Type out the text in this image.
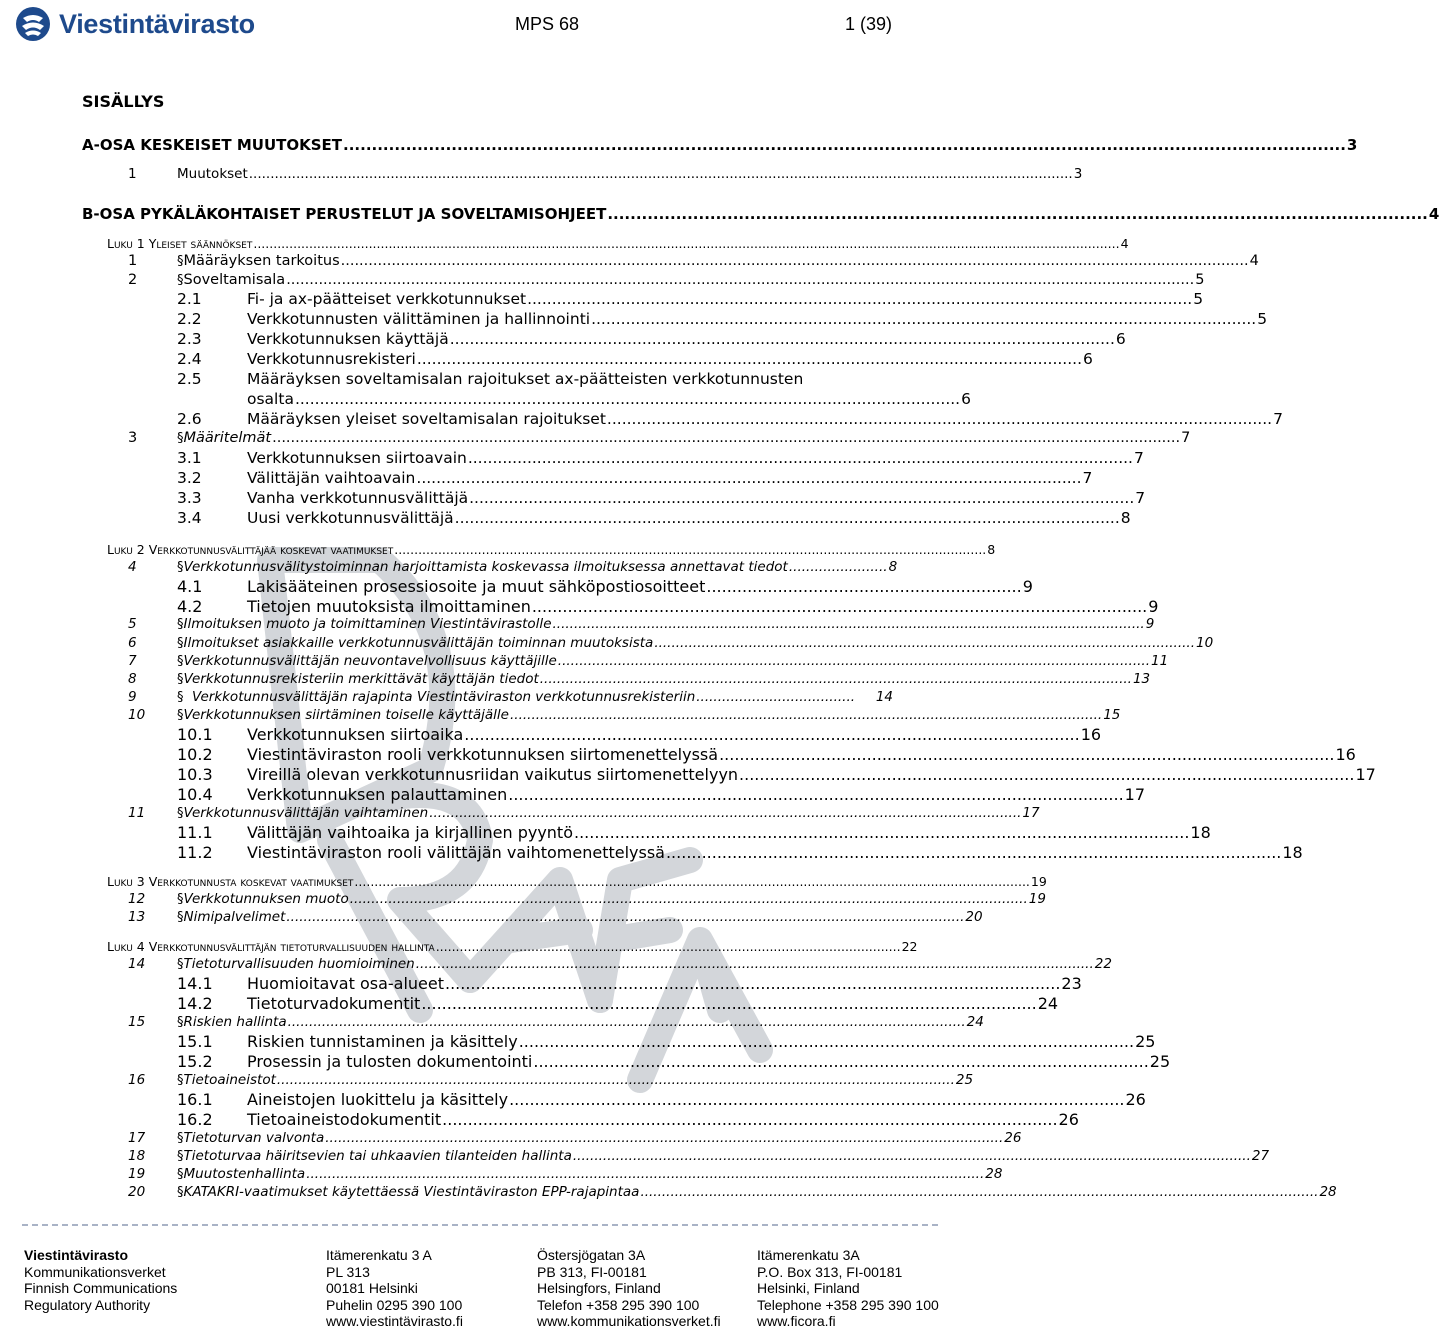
Viestintävirasto	MPS 68	1 (39)
SISÄLLYS
A-OSA KESKEISET MUUTOKSET ................................................................................................................................................................................ 3
1	Muutokset ................................................................................................................................................................................................ 3
B-OSA PYKÄLÄKOHTAISET PERUSTELUT JA SOVELTAMISOHJEET ................................................................................................................................................ 4
Luku 1 Yleiset säännökset .......................................................................................................................................................................................................................... 4
1	§ Määräyksen tarkoitus ..................................................................................................................................................................................................... 4
2	§ Soveltamisala ..................................................................................................................................................................................................... 5
2.1	Fi- ja ax-päätteiset verkkotunnukset ....................................................................................................................................... 5
2.2	Verkkotunnusten välittäminen ja hallinnointi ....................................................................................................................................... 5
2.3	Verkkotunnuksen käyttäjä ....................................................................................................................................... 6
2.4	Verkkotunnusrekisteri ....................................................................................................................................... 6
2.5	Määräyksen soveltamisalan rajoitukset ax-päätteisten verkkotunnusten
osalta ....................................................................................................................................... 6
2.6	Määräyksen yleiset soveltamisalan rajoitukset ....................................................................................................................................... 7
3	§ Määritelmät ..................................................................................................................................................................................................... 7
3.1	Verkkotunnuksen siirtoavain ....................................................................................................................................... 7
3.2	Välittäjän vaihtoavain ....................................................................................................................................... 7
3.3	Vanha verkkotunnusvälittäjä ....................................................................................................................................... 7
3.4	Uusi verkkotunnusvälittäjä ....................................................................................................................................... 8
Luku 2 Verkkotunnusvälittäjää koskevat vaatimukset ..................................................................................................................................................... 8
4	§ Verkkotunnusvälitystoiminnan harjoittamista koskevassa ilmoituksessa annettavat tiedot ....................... 8
4.1	Lakisääteinen prosessiosoite ja muut sähköpostiosoitteet .............................................................. 9
4.2	Tietojen muutoksista ilmoittaminen ......................................................................................................................... 9
5	§ Ilmoituksen muoto ja toimittaminen Viestintävirastolle .......................................................................................................................................... 9
6	§ Ilmoitukset asiakkaille verkkotunnusvälittäjän toiminnan muutoksista .............................................................................................................................. 10
7	§ Verkkotunnusvälittäjän neuvontavelvollisuus käyttäjille .......................................................................................................................................... 11
8	§ Verkkotunnusrekisteriin merkittävät käyttäjän tiedot .......................................................................................................................................... 13
9	§ Verkkotunnusvälittäjän rajapinta Viestintäviraston verkkotunnusrekisteriin .....................................	14
10 § Verkkotunnuksen siirtäminen toiselle käyttäjälle .......................................................................................................................................... 15
10.1 Verkkotunnuksen siirtoaika ......................................................................................................................... 16
10.2 Viestintäviraston rooli verkkotunnuksen siirtomenettelyssä ......................................................................................................................... 16
10.3 Vireillä olevan verkkotunnusriidan vaikutus siirtomenettelyyn ......................................................................................................................... 17
10.4 Verkkotunnuksen palauttaminen ......................................................................................................................... 17
11 § Verkkotunnusvälittäjän vaihtaminen .......................................................................................................................................... 17
11.1 Välittäjän vaihtoaika ja kirjallinen pyyntö ......................................................................................................................... 18
11.2 Viestintäviraston rooli välittäjän vaihtomenettelyssä ......................................................................................................................... 18
Luku 3 Verkkotunnusta koskevat vaatimukset .......................................................................................................................................................................... 19
12 § Verkkotunnuksen muoto .............................................................................................................................................................. 19
13 § Nimipalvelimet .............................................................................................................................................................. 20
Luku 4 Verkkotunnusvälittäjän tietoturvallisuuden hallinta ..................................................................................................................... 22
14 § Tietoturvallisuuden huomioiminen .............................................................................................................................................................. 22
14.1 Huomioitavat osa-alueet ......................................................................................................................... 23
14.2 Tietoturvadokumentit ......................................................................................................................... 24
15 § Riskien hallinta .............................................................................................................................................................. 24
15.1 Riskien tunnistaminen ja käsittely ......................................................................................................................... 25
15.2 Prosessin ja tulosten dokumentointi ......................................................................................................................... 25
16 § Tietoaineistot .............................................................................................................................................................. 25
16.1 Aineistojen luokittelu ja käsittely ......................................................................................................................... 26
16.2 Tietoaineistodokumentit ......................................................................................................................... 26
17 § Tietoturvan valvonta .............................................................................................................................................................. 26
18 § Tietoturvaa häiritsevien tai uhkaavien tilanteiden hallinta .............................................................................................................................................................. 27
19 § Muutostenhallinta .............................................................................................................................................................. 28
20 § KATAKRI-vaatimukset käytettäessä Viestintäviraston EPP-rajapintaa .............................................................................................................................................................. 28
Viestintävirasto
Kommunikationsverket
Finnish Communications
Regulatory Authority
Itämerenkatu 3 A
PL 313
00181 Helsinki
Puhelin 0295 390 100
www.viestintävirasto.fi
Östersjögatan 3A
PB 313, FI-00181
Helsingfors, Finland
Telefon +358 295 390 100
www.kommunikationsverket.fi
Itämerenkatu 3A
P.O. Box 313, FI-00181
Helsinki, Finland
Telephone +358 295 390 100
www.ficora.fi
